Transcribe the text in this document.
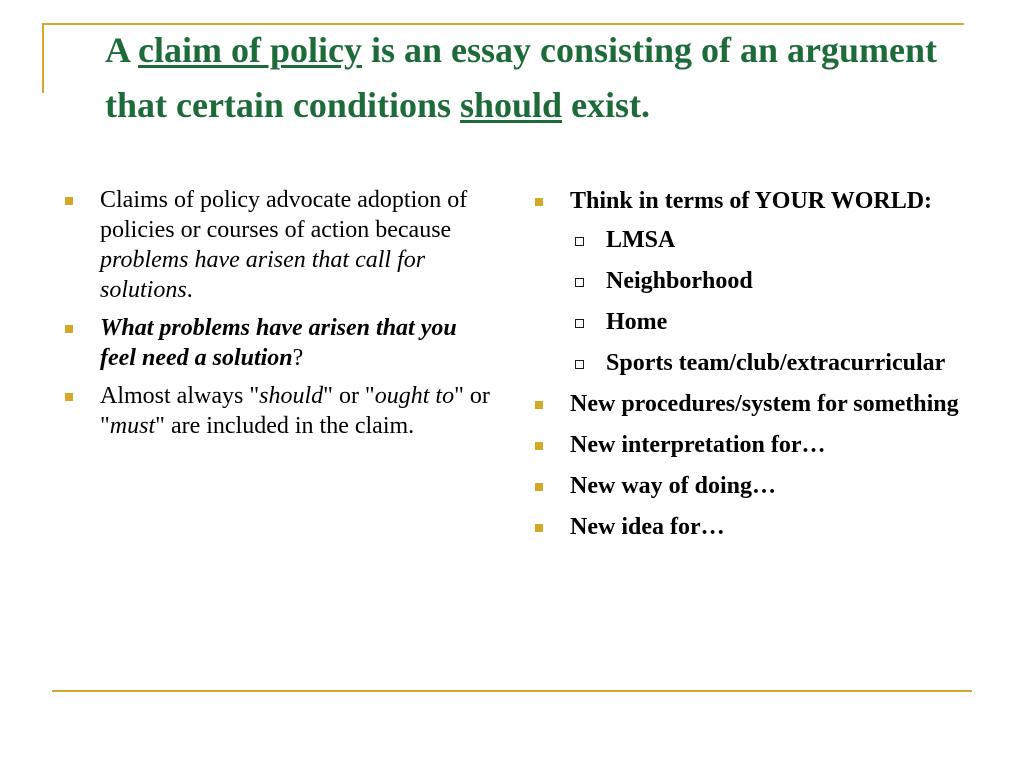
A claim of policy is an essay consisting of an argument that certain conditions should exist.
Claims of policy advocate adoption of policies or courses of action because problems have arisen that call for solutions.
What problems have arisen that you feel need a solution?
Almost always "should" or "ought to" or "must" are included in the claim.
Think in terms of YOUR WORLD:
LMSA
Neighborhood
Home
Sports team/club/extracurricular
New procedures/system for something
New interpretation for…
New way of doing…
New idea for…
